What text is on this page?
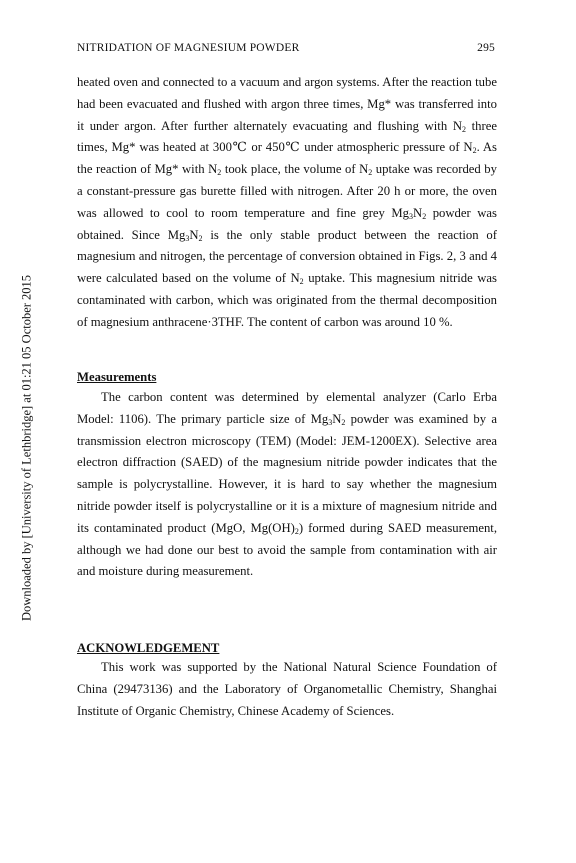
NITRIDATION OF MAGNESIUM POWDER	295
Downloaded by [University of Lethbridge] at 01:21 05 October 2015

heated oven and connected to a vacuum and argon systems. After the reaction tube had been evacuated and flushed with argon three times, Mg* was transferred into it under argon. After further alternately evacuating and flushing with $N_2$ three times, Mg* was heated at 300℃ or 450℃ under atmospheric pressure of $N_2$. As the reaction of Mg* with $N_2$ took place, the volume of $N_2$ uptake was recorded by a constant-pressure gas burette filled with nitrogen. After 20 h or more, the oven was allowed to cool to room temperature and fine grey $Mg_3N_2$ powder was obtained. Since $Mg_3N_2$ is the only stable product between the reaction of magnesium and nitrogen, the percentage of conversion obtained in Figs. 2, 3 and 4 were calculated based on the volume of $N_2$ uptake. This magnesium nitride was contaminated with carbon, which was originated from the thermal decomposition of magnesium anthracene·3THF. The content of carbon was around 10 %.

Measurements

The carbon content was determined by elemental analyzer (Carlo Erba Model: 1106). The primary particle size of $Mg_3N_2$ powder was examined by a transmission electron microscopy (TEM) (Model: JEM-1200EX). Selective area electron diffraction (SAED) of the magnesium nitride powder indicates that the sample is polycrystalline. However, it is hard to say whether the magnesium nitride powder itself is polycrystalline or it is a mixture of magnesium nitride and its contaminated product (MgO, $Mg(OH)_2$) formed during SAED measurement, although we had done our best to avoid the sample from contamination with air and moisture during measurement.

ACKNOWLEDGEMENT

This work was supported by the National Natural Science Foundation of China (29473136) and the Laboratory of Organometallic Chemistry, Shanghai Institute of Organic Chemistry, Chinese Academy of Sciences.
